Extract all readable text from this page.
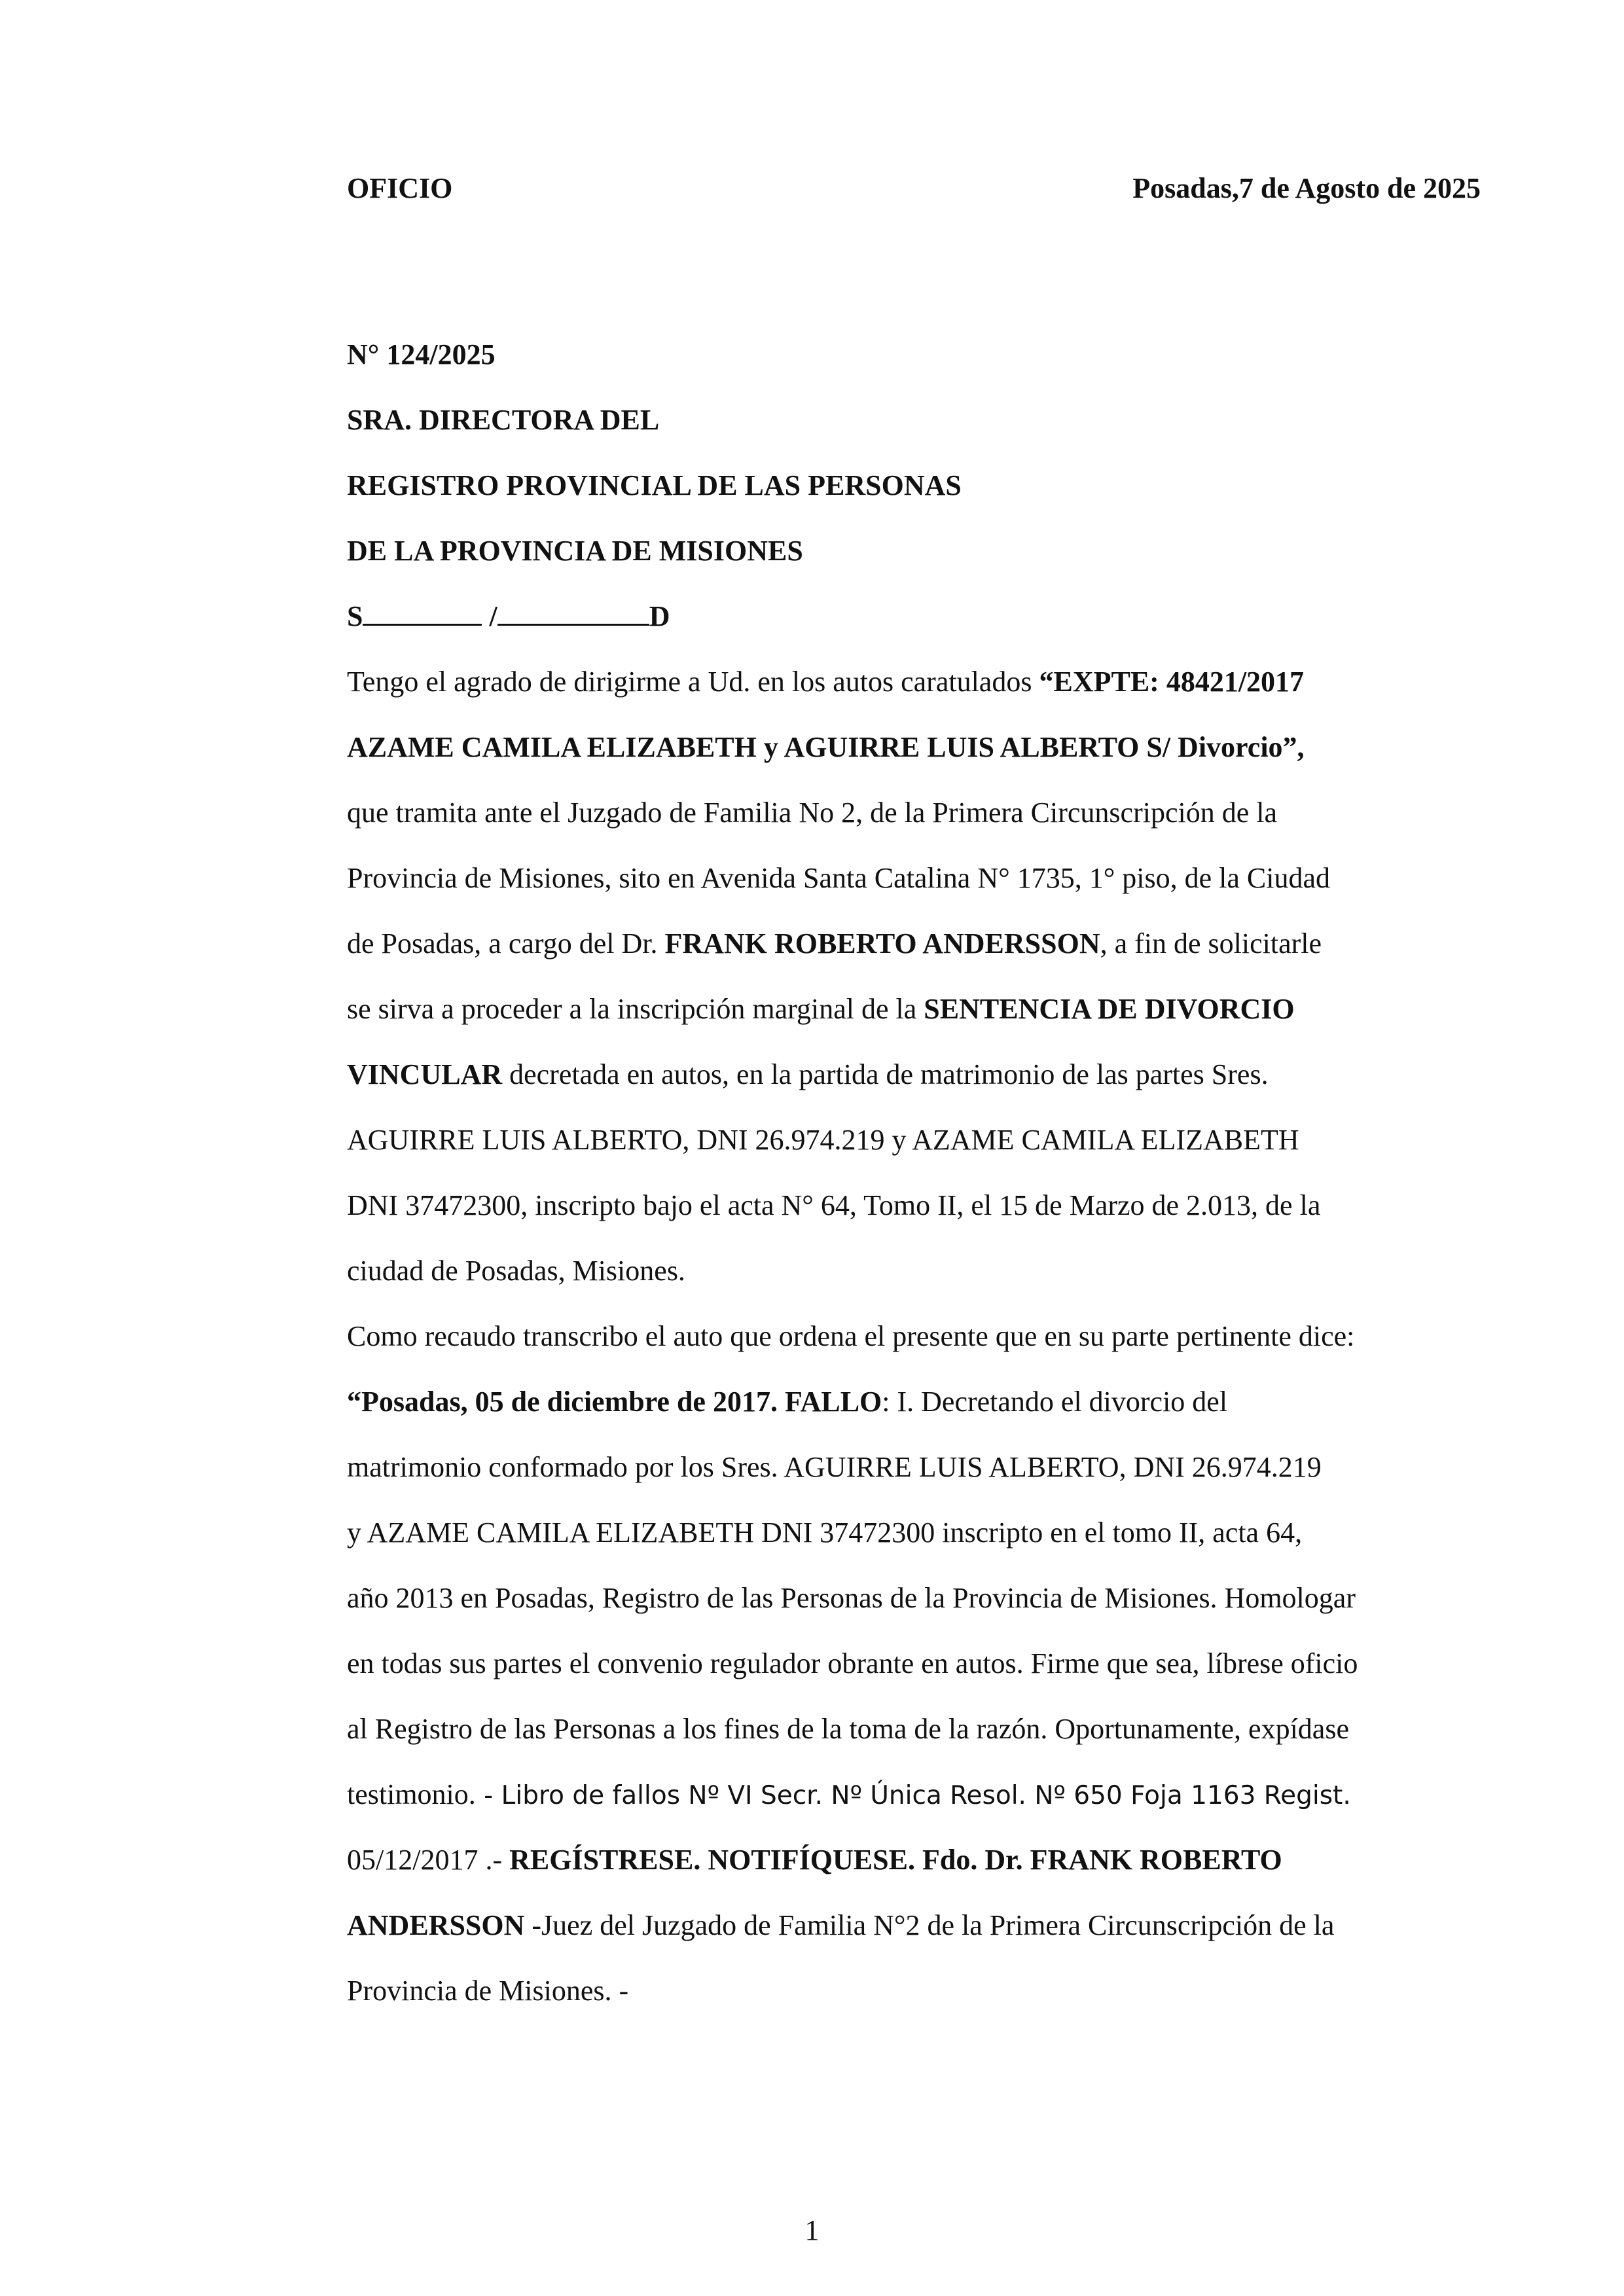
OFICIO	Posadas,7 de Agosto de 2025
N° 124/2025
SRA. DIRECTORA DEL
REGISTRO PROVINCIAL DE LAS PERSONAS
DE LA PROVINCIA DE MISIONES
S	/	D
Tengo el agrado de dirigirme a Ud. en los autos caratulados “EXPTE: 48421/2017
AZAME CAMILA ELIZABETH y AGUIRRE LUIS ALBERTO S/ Divorcio”,
que tramita ante el Juzgado de Familia No 2, de la Primera Circunscripción de la
Provincia de Misiones, sito en Avenida Santa Catalina N° 1735, 1° piso, de la Ciudad
de Posadas, a cargo del Dr. FRANK ROBERTO ANDERSSON, a fin de solicitarle
se sirva a proceder a la inscripción marginal de la SENTENCIA DE DIVORCIO
VINCULAR decretada en autos, en la partida de matrimonio de las partes Sres.
AGUIRRE LUIS ALBERTO, DNI 26.974.219 y AZAME CAMILA ELIZABETH
DNI 37472300, inscripto bajo el acta N° 64, Tomo II, el 15 de Marzo de 2.013, de la
ciudad de Posadas, Misiones.
Como recaudo transcribo el auto que ordena el presente que en su parte pertinente dice:
“Posadas, 05 de diciembre de 2017. FALLO: I. Decretando el divorcio del
matrimonio conformado por los Sres. AGUIRRE LUIS ALBERTO, DNI 26.974.219
y AZAME CAMILA ELIZABETH DNI 37472300 inscripto en el tomo II, acta 64,
año 2013 en Posadas, Registro de las Personas de la Provincia de Misiones. Homologar
en todas sus partes el convenio regulador obrante en autos. Firme que sea, líbrese oficio
al Registro de las Personas a los fines de la toma de la razón. Oportunamente, expídase
testimonio. - Libro de fallos Nº VI Secr. Nº Única Resol. Nº 650 Foja 1163 Regist.
05/12/2017 .- REGÍSTRESE. NOTIFÍQUESE. Fdo. Dr. FRANK ROBERTO
ANDERSSON -Juez del Juzgado de Familia N°2 de la Primera Circunscripción de la
Provincia de Misiones. -
1
